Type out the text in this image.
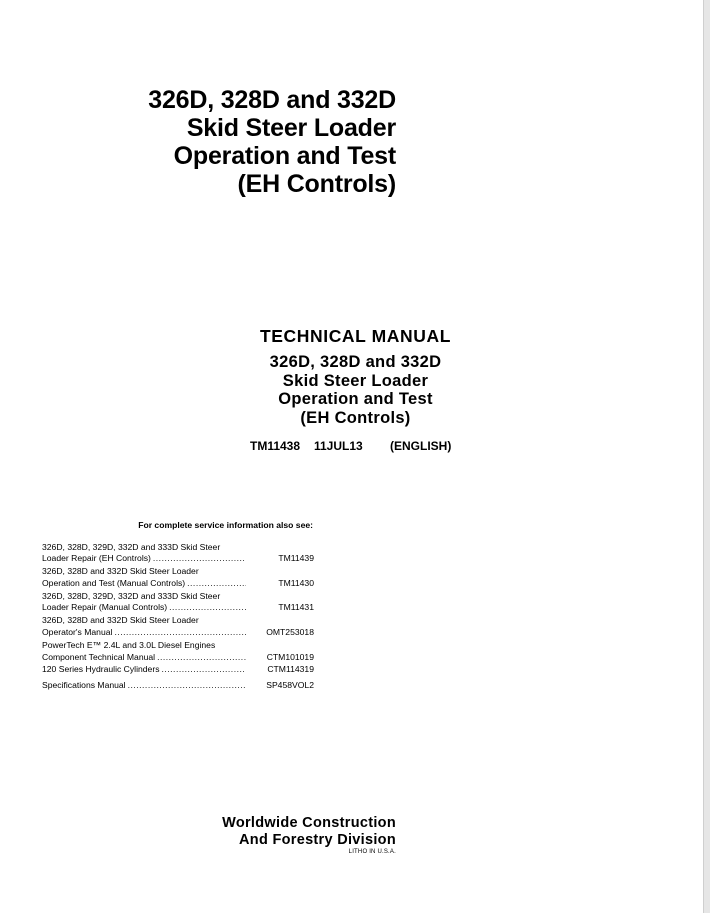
326D, 328D and 332D
Skid Steer Loader
Operation and Test
(EH Controls)
TECHNICAL MANUAL
326D, 328D and 332D
Skid Steer Loader
Operation and Test
(EH Controls)
TM11438 11JUL13 (ENGLISH)
For complete service information also see:
326D, 328D, 329D, 332D and 333D Skid Steer
Loader Repair (EH Controls) .....	TM11439
326D, 328D and 332D Skid Steer Loader
Operation and Test (Manual Controls) .....	TM11430
326D, 328D, 329D, 332D and 333D Skid Steer
Loader Repair (Manual Controls) .....	TM11431
326D, 328D and 332D Skid Steer Loader
Operator's Manual .....	OMT253018
PowerTech E™ 2.4L and 3.0L Diesel Engines
Component Technical Manual .....	CTM101019
120 Series Hydraulic Cylinders .....	CTM114319
Specifications Manual .....	SP458VOL2
Worldwide Construction
And Forestry Division
LITHO IN U.S.A.
